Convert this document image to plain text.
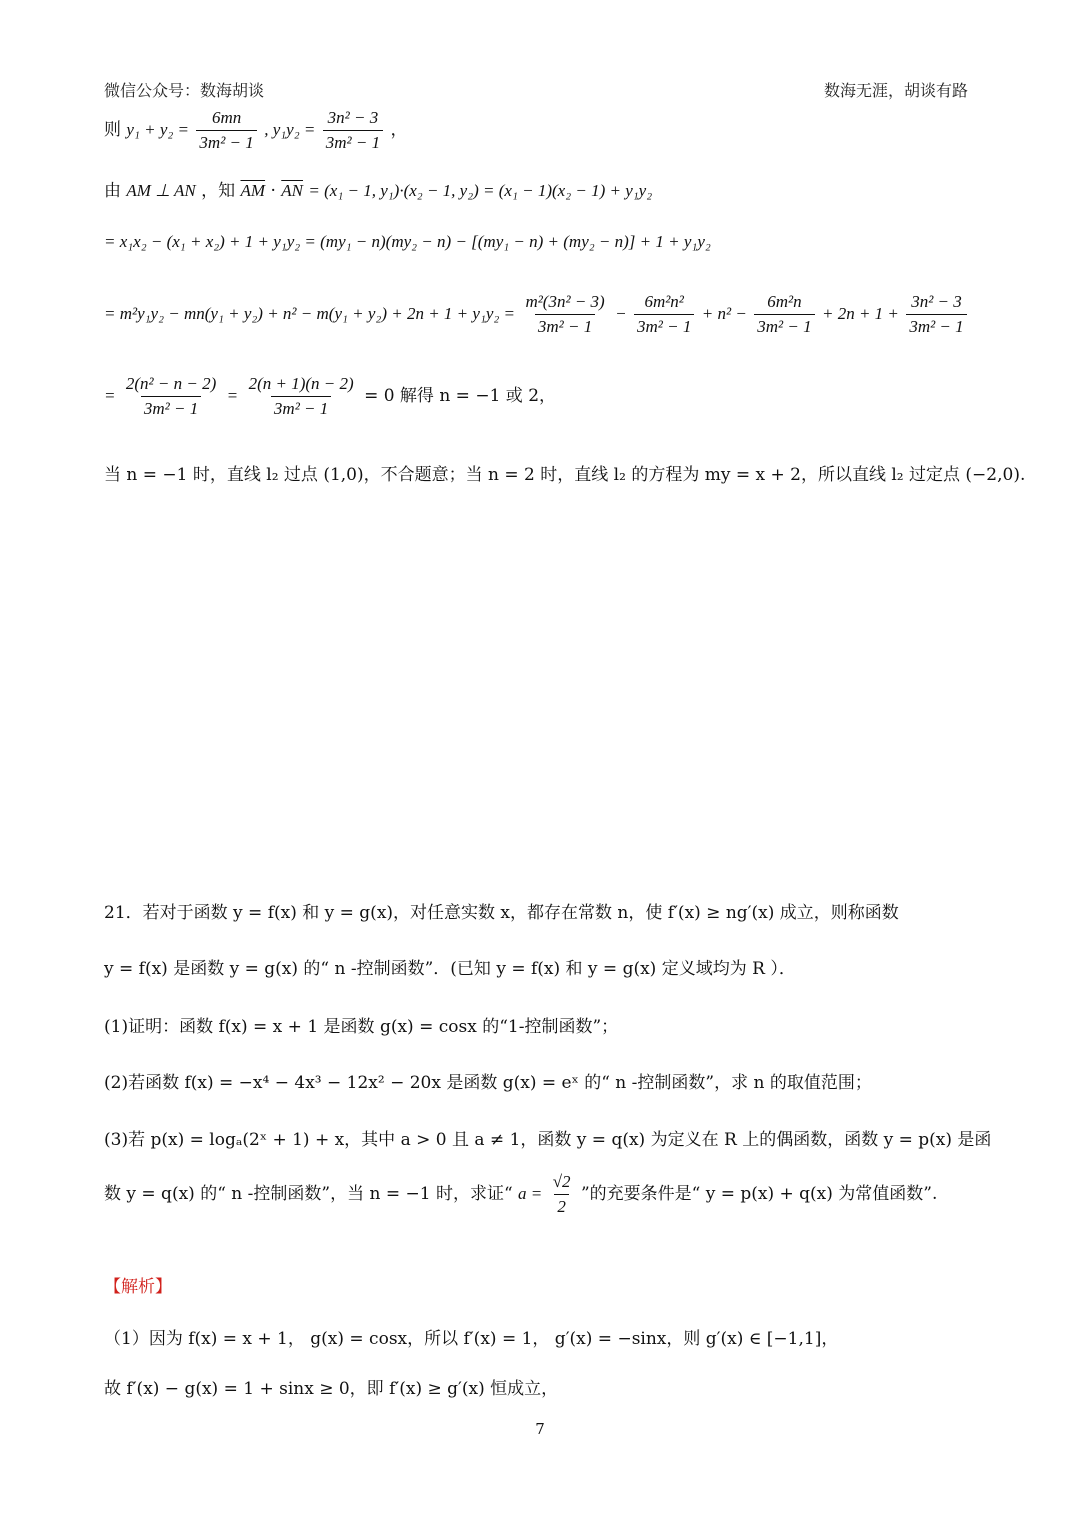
微信公众号：数海胡谈	数海无涯，胡谈有路
则 $y_1 + y_2 = \frac{6mn}{\text{3m² − 1}}$ , $y_1y_2 = \frac{\text{3n² − 3}}{\text{3m² − 1}}$ ，
由 AM ⊥ AN ，知 $\overline{AM} \cdot \overline{AN} = (x_1 - 1$, y₁)·(x₂ − 1, y₂) = (x₁ − 1)(x₂ − 1) + y₁y₂
= x₁x₂ − (x₁ + x₂) + 1 + y₁y₂ = (my₁ − n)(my₂ − n) − [(my₁ − n) + (my₂ − n)] + 1 + y₁y₂
= $m^2y_1y_2 - mn(y_1 + y_2) + n^2 - m(y_1 + y_2) + 2n + 1 + y_1y_2 = \frac{\text{m²(3n² − 3)}}{\text{3m² − 1}} - \frac{\text{6m²n²}}{\text{3m² − 1}} + n^2 - \frac{\text{6m²n}}{\text{3m² − 1}} + 2n + 1 + \frac{\text{3n² − 3}}{\text{3m² − 1}}$
= $\frac{\text{2(n² − n − 2)}}{\text{3m² − 1}} = \frac{2(n + 1)(n - 2)}{\text{3m² − 1}} = 0$ 解得 n = −1 或 2，
当 n = −1 时，直线 l₂ 过点 (1,0)，不合题意；当 n = 2 时，直线 l₂ 的方程为 my = x + 2，所以直线 l₂ 过定点 (−2,0).
21．若对于函数 y = f(x) 和 y = g(x)，对任意实数 x，都存在常数 n，使 f′(x) ≥ ng′(x) 成立，则称函数
y = f(x) 是函数 y = g(x) 的“ n -控制函数”．(已知 y = f(x) 和 y = g(x) 定义域均为 R ）．
(1)证明：函数 f(x) = x + 1 是函数 g(x) = cosx 的“1-控制函数”；
(2)若函数 f(x) = −x⁴ − 4x³ − 12x² − 20x 是函数 g(x) = eˣ 的“ n -控制函数”，求 n 的取值范围；
(3)若 p(x) = logₐ(2ˣ + 1) + x，其中 a > 0 且 a ≠ 1，函数 y = q(x) 为定义在 R 上的偶函数，函数 y = p(x) 是函
数 y = q(x) 的“ n -控制函数”，当 n = −1 时，求证“ $a = \frac{√2}{2}$ ”的充要条件是“ y = p(x) + q(x) 为常值函数”.
【解析】
（1）因为 f(x) = x + 1， g(x) = cosx，所以 f′(x) = 1， g′(x) = −sinx，则 g′(x) ∈ [−1,1]，
故 f′(x) − g(x) = 1 + sinx ≥ 0，即 f′(x) ≥ g′(x) 恒成立，
7
